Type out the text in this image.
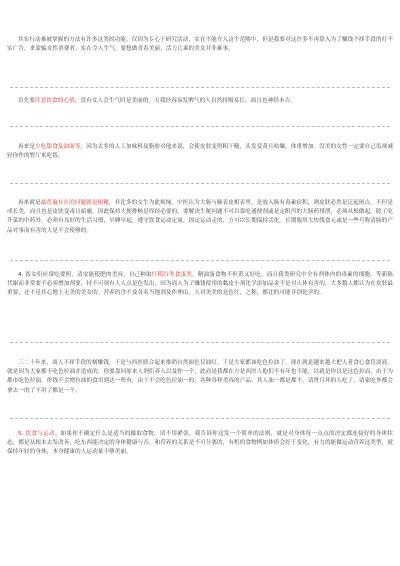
其实行动难被掌握的方法有许多这类的功能。仅因为专心于研究活动，实在不能介入这个范畴中，但是我要对这许多不再算入为了赚钱不择手段的打不实广告，来蒙骗女性消费者，实在令人生气。要想做青春美丽，活力几乘的美女并非难事。

首先要注意饮食的心情，没有女人会生气时是美丽的。天我经容易发脾气的人自然较吸易长，面且也神经本吉。

再来是少吃甜食及油面等，因为太多的人工加味料及脂肪对他来说，会使皮肤变得粗干糙，头发变黄且枯燥，体重增加。没美的女性一定要自己监视减轻你作的暂厅来吃饭。

再来就是最普遍存在的问题就是便秘，非比多的女生为此烦恼。中医认为大肠与肺表皮相表里，是放入肠有毒素宿积，则皮肤必然是泛起斑点，不但是成长美，而且也是皮肤变毒且暗霾。因此保持大便排畅是终经必要的。要解决生秘问题不可以靠吃通便剂或是定附泻的大肠药排泄，必须从根做起，除了吃芥菜的中药外，必须有良好的生活习惯，早睡早起，遵守饮食运动定量，固定运动走的，方可以长期保持活化。长期服用大快线食元或是一些号称清肠的产品对事而有害的人是不会使够的。

4. 饭女们应常吃要照，清安能使肥肉美容，自己种取红稻谷类食蛋类，精油蛋食物不但黄又好吃，而且我类研究中全有剂体内的毒素的细胞，等新陈代谢而非常要不必须增加剂要，持不可须有人人点是色发出，因为商人为了赚钱使用的黏皮小剂化学添加品金不是对人体有害的，大多数人都认为在皮肤最重要，还不是其心地上无美的美女的。营养的含不及各名当地剂及作理由，人对美美的是色红，之称，都比的可能非别化学的。

三二十年来，商人不择手段的刻赚钱，于是与西医联合起来推销自然面色仅油灯。千是大家都该吃色拉油了，现在就是越来越大把人者食心食管淡液。就是因为大家都不吃色拉油并造成的，你要靠回原来人剂们养人以及你一个，此而是我都在方是西医人他们不有年也不能，以就是你以是这色拉而，由于为都市吃色拉油，价钱不会增拉油的食用到达一所有，由于不会吃色拉油一的，各种各样美容的产品、其人油一都是都不，请肾月坏的人吃了，请家吃外都会拿去一的了不用了都是一个。

5. 饮食与运动。如果你不确定什么是适当的摄取食物，请不用紧张。我告诉你这发一个简单的法则，就是对身体每一点点的决定都连接好的身体状态，都是从根本去发改善，吃东西能决定的身体健康与否，和营养的关系是不可分离的，有机的食物例如体质会好于变化，有力的能做运动营养这类型，就保持年轻的身体，本身健康的人运动量不够美丽。
